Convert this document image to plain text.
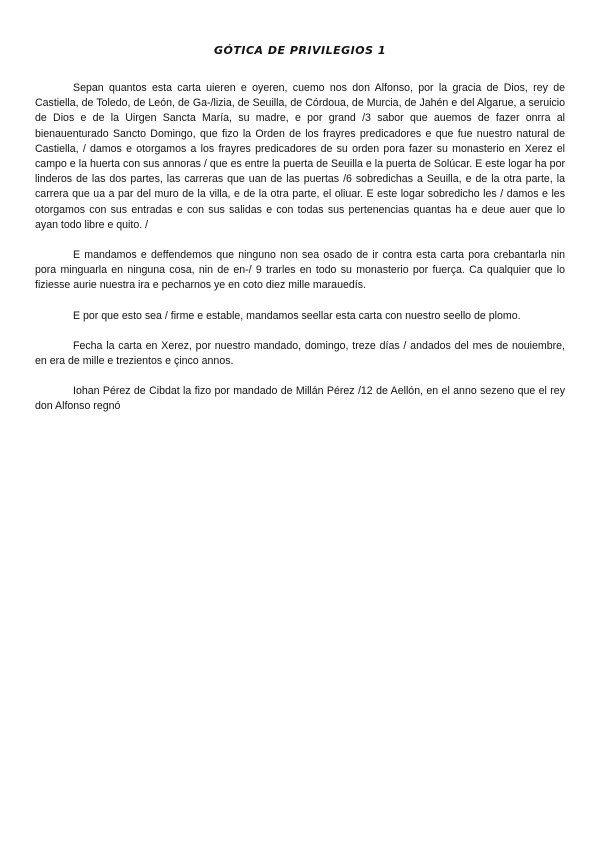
GÓTICA DE PRIVILEGIOS 1

Sepan quantos esta carta uieren e oyeren, cuemo nos don Alfonso, por la gracia de Dios, rey de Castiella, de Toledo, de León, de Ga-/lizia, de Seuilla, de Córdoua, de Murcia, de Jahén e del Algarue, a seruicio de Dios e de la Uirgen Sancta María, su madre, e por grand /3 sabor que auemos de fazer onrra al bienauenturado Sancto Domingo, que fizo la Orden de los frayres predicadores e que fue nuestro natural de Castiella, / damos e otorgamos a los frayres predicadores de su orden pora fazer su monasterio en Xerez el campo e la huerta con sus annoras / que es entre la puerta de Seuilla e la puerta de Solúcar. E este logar ha por linderos de las dos partes, las carreras que uan de las puertas /6 sobredichas a Seuilla, e de la otra parte, la carrera que ua a par del muro de la villa, e de la otra parte, el oliuar. E este logar sobredicho les / damos e les otorgamos con sus entradas e con sus salidas e con todas sus pertenencias quantas ha e deue auer que lo ayan todo libre e quito. /

E mandamos e deffendemos que ninguno non sea osado de ir contra esta carta pora crebantarla nin pora minguarla en ninguna cosa, nin de en-/ 9 trarles en todo su monasterio por fuerça. Ca qualquier que lo fiziesse aurie nuestra ira e pecharnos ye en coto diez mille marauedís.

E por que esto sea / firme e estable, mandamos seellar esta carta con nuestro seello de plomo.

Fecha la carta en Xerez, por nuestro mandado, domingo, treze días / andados del mes de nouiembre, en era de mille e trezientos e çinco annos.

Iohan Pérez de Cibdat la fizo por mandado de Millán Pérez /12 de Aellón, en el anno sezeno que el rey don Alfonso regnó
